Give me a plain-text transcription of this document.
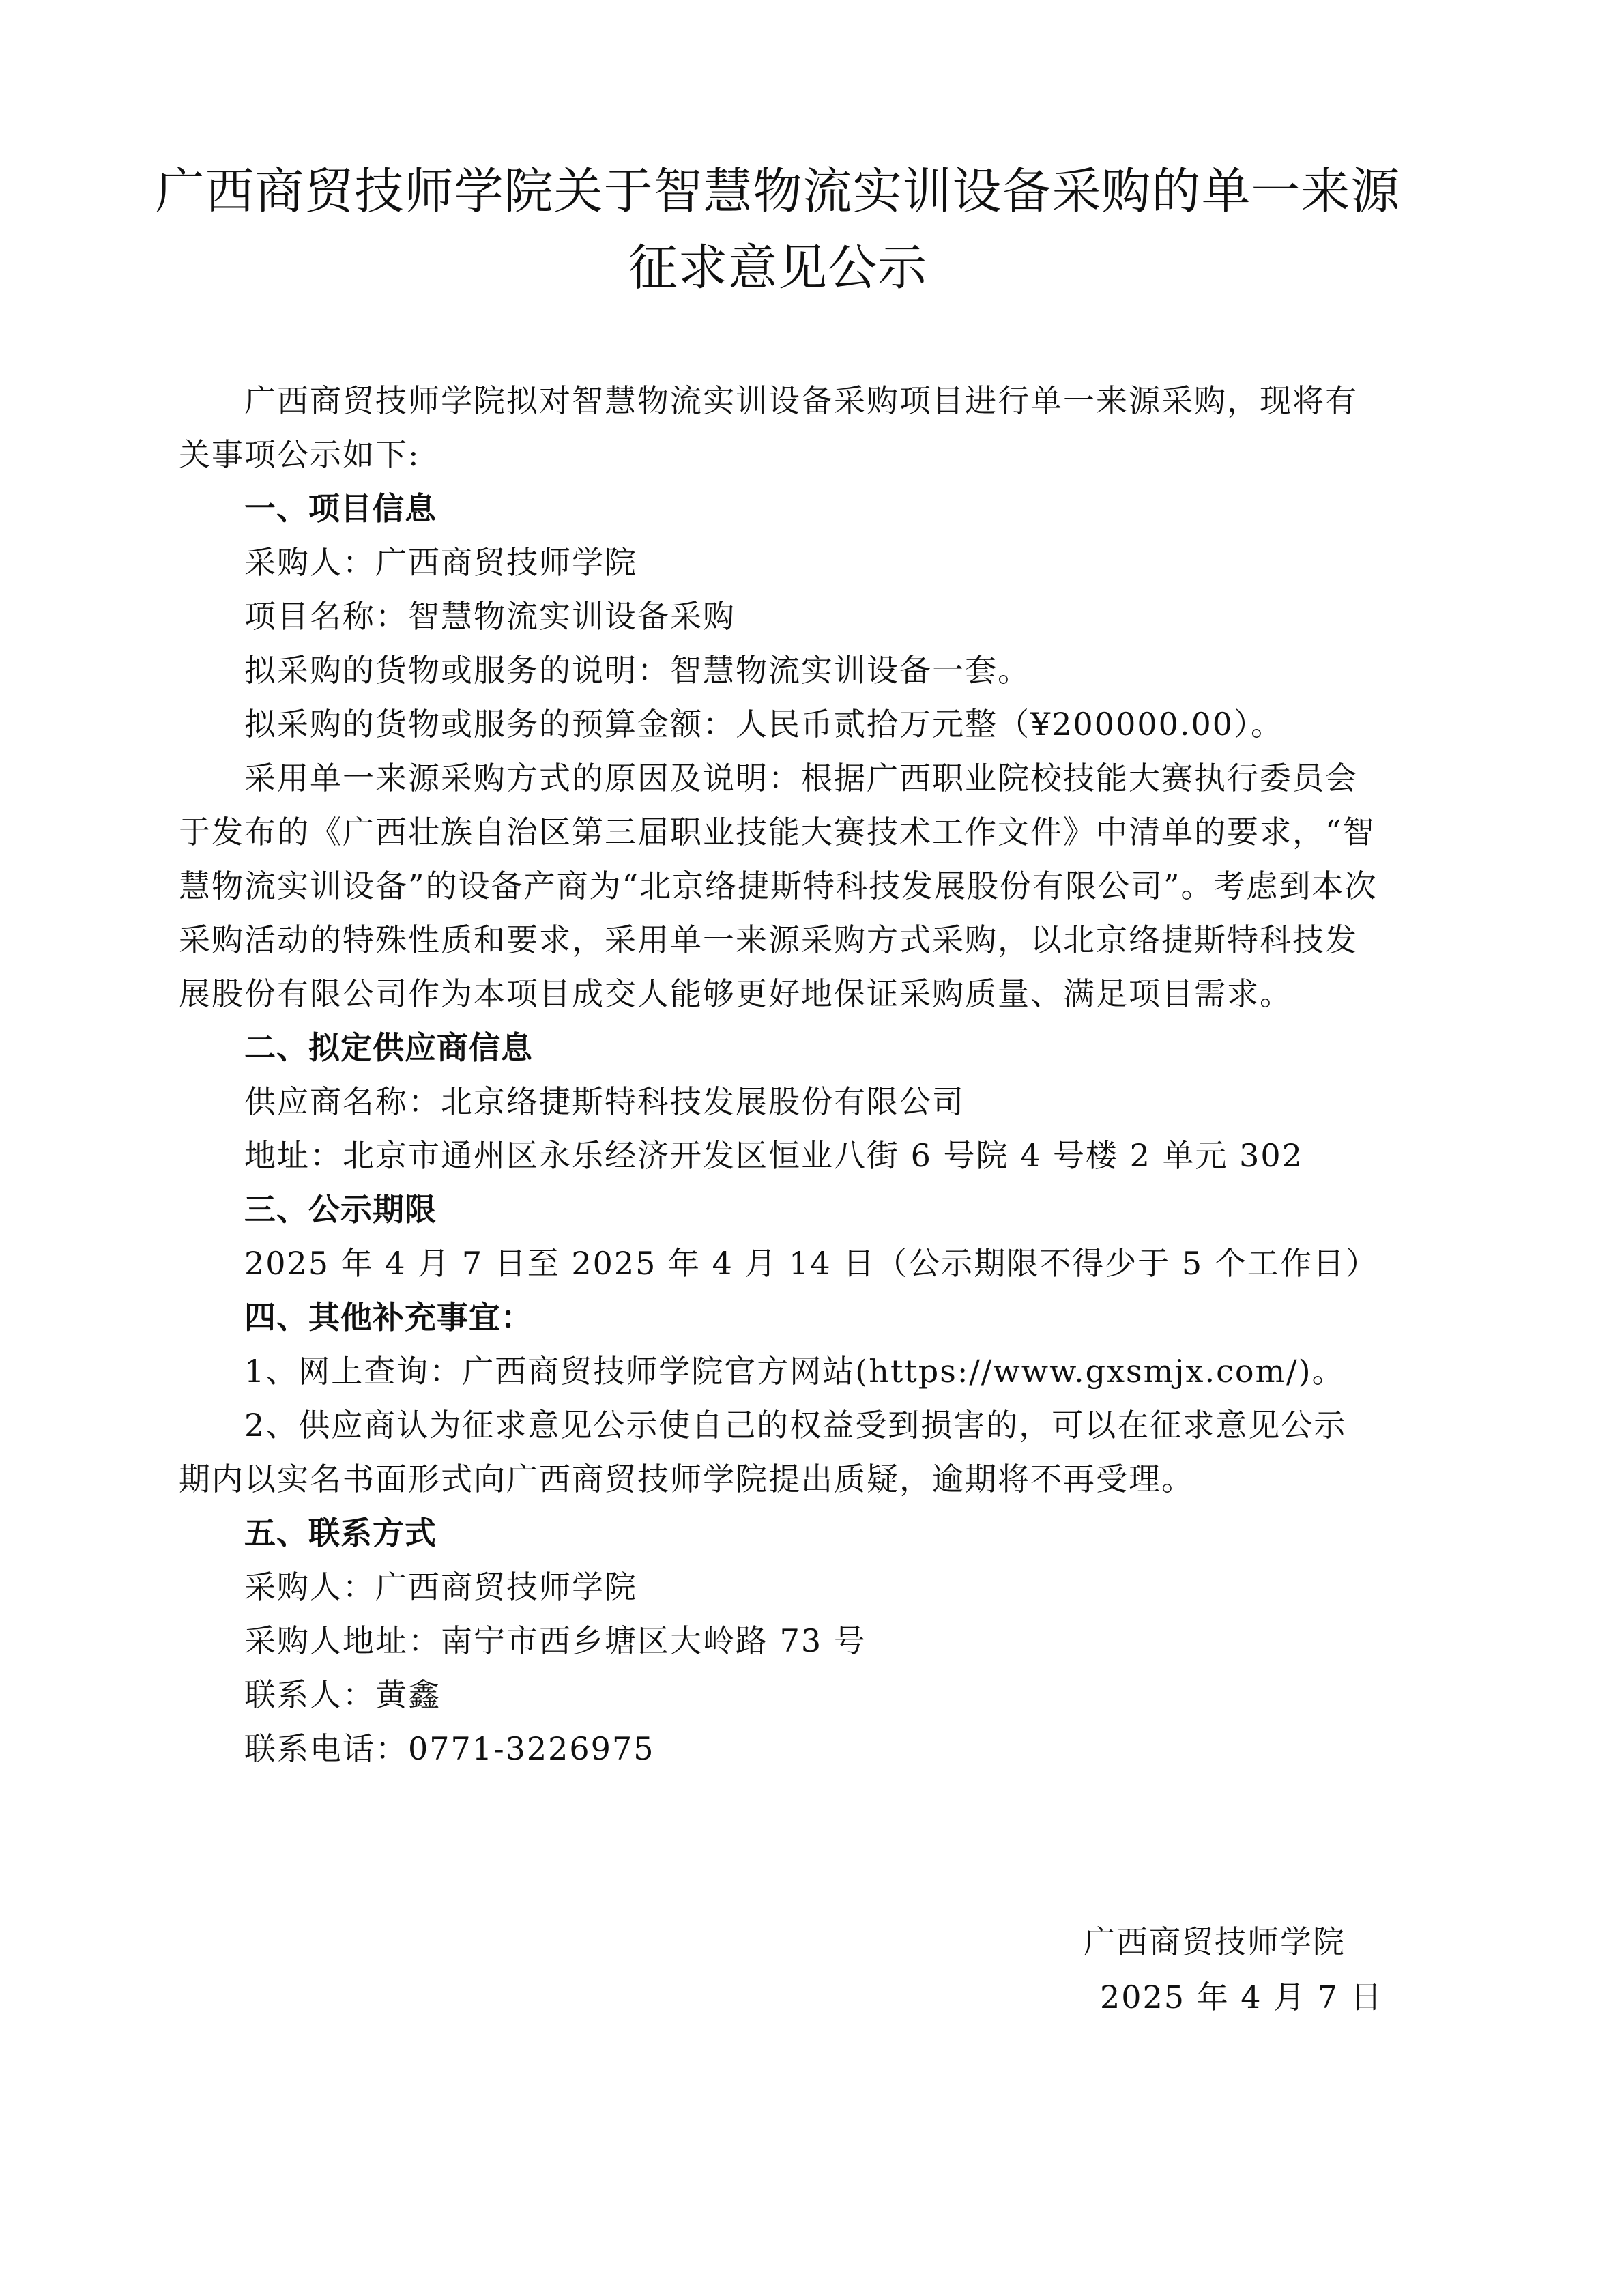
广西商贸技师学院关于智慧物流实训设备采购的单一来源
征求意见公示
广西商贸技师学院拟对智慧物流实训设备采购项目进行单一来源采购，现将有
关事项公示如下:
一、项目信息
采购人：广西商贸技师学院
项目名称：智慧物流实训设备采购
拟采购的货物或服务的说明：智慧物流实训设备一套。
拟采购的货物或服务的预算金额：人民币贰拾万元整（¥200000.00）。
采用单一来源采购方式的原因及说明：根据广西职业院校技能大赛执行委员会
于发布的《广西壮族自治区第三届职业技能大赛技术工作文件》中清单的要求，“智
慧物流实训设备”的设备产商为“北京络捷斯特科技发展股份有限公司”。考虑到本次
采购活动的特殊性质和要求，采用单一来源采购方式采购，以北京络捷斯特科技发
展股份有限公司作为本项目成交人能够更好地保证采购质量、满足项目需求。
二、拟定供应商信息
供应商名称：北京络捷斯特科技发展股份有限公司
地址：北京市通州区永乐经济开发区恒业八街 6 号院 4 号楼 2 单元 302
三、公示期限
2025 年 4 月 7 日至 2025 年 4 月 14 日（公示期限不得少于 5 个工作日）
四、其他补充事宜：
1、网上查询：广西商贸技师学院官方网站(https://www.gxsmjx.com/)。
2、供应商认为征求意见公示使自己的权益受到损害的，可以在征求意见公示
期内以实名书面形式向广西商贸技师学院提出质疑，逾期将不再受理。
五、联系方式
采购人：广西商贸技师学院
采购人地址：南宁市西乡塘区大岭路 73 号
联系人：黄鑫
联系电话：0771-3226975
广西商贸技师学院
2025 年 4 月 7 日
